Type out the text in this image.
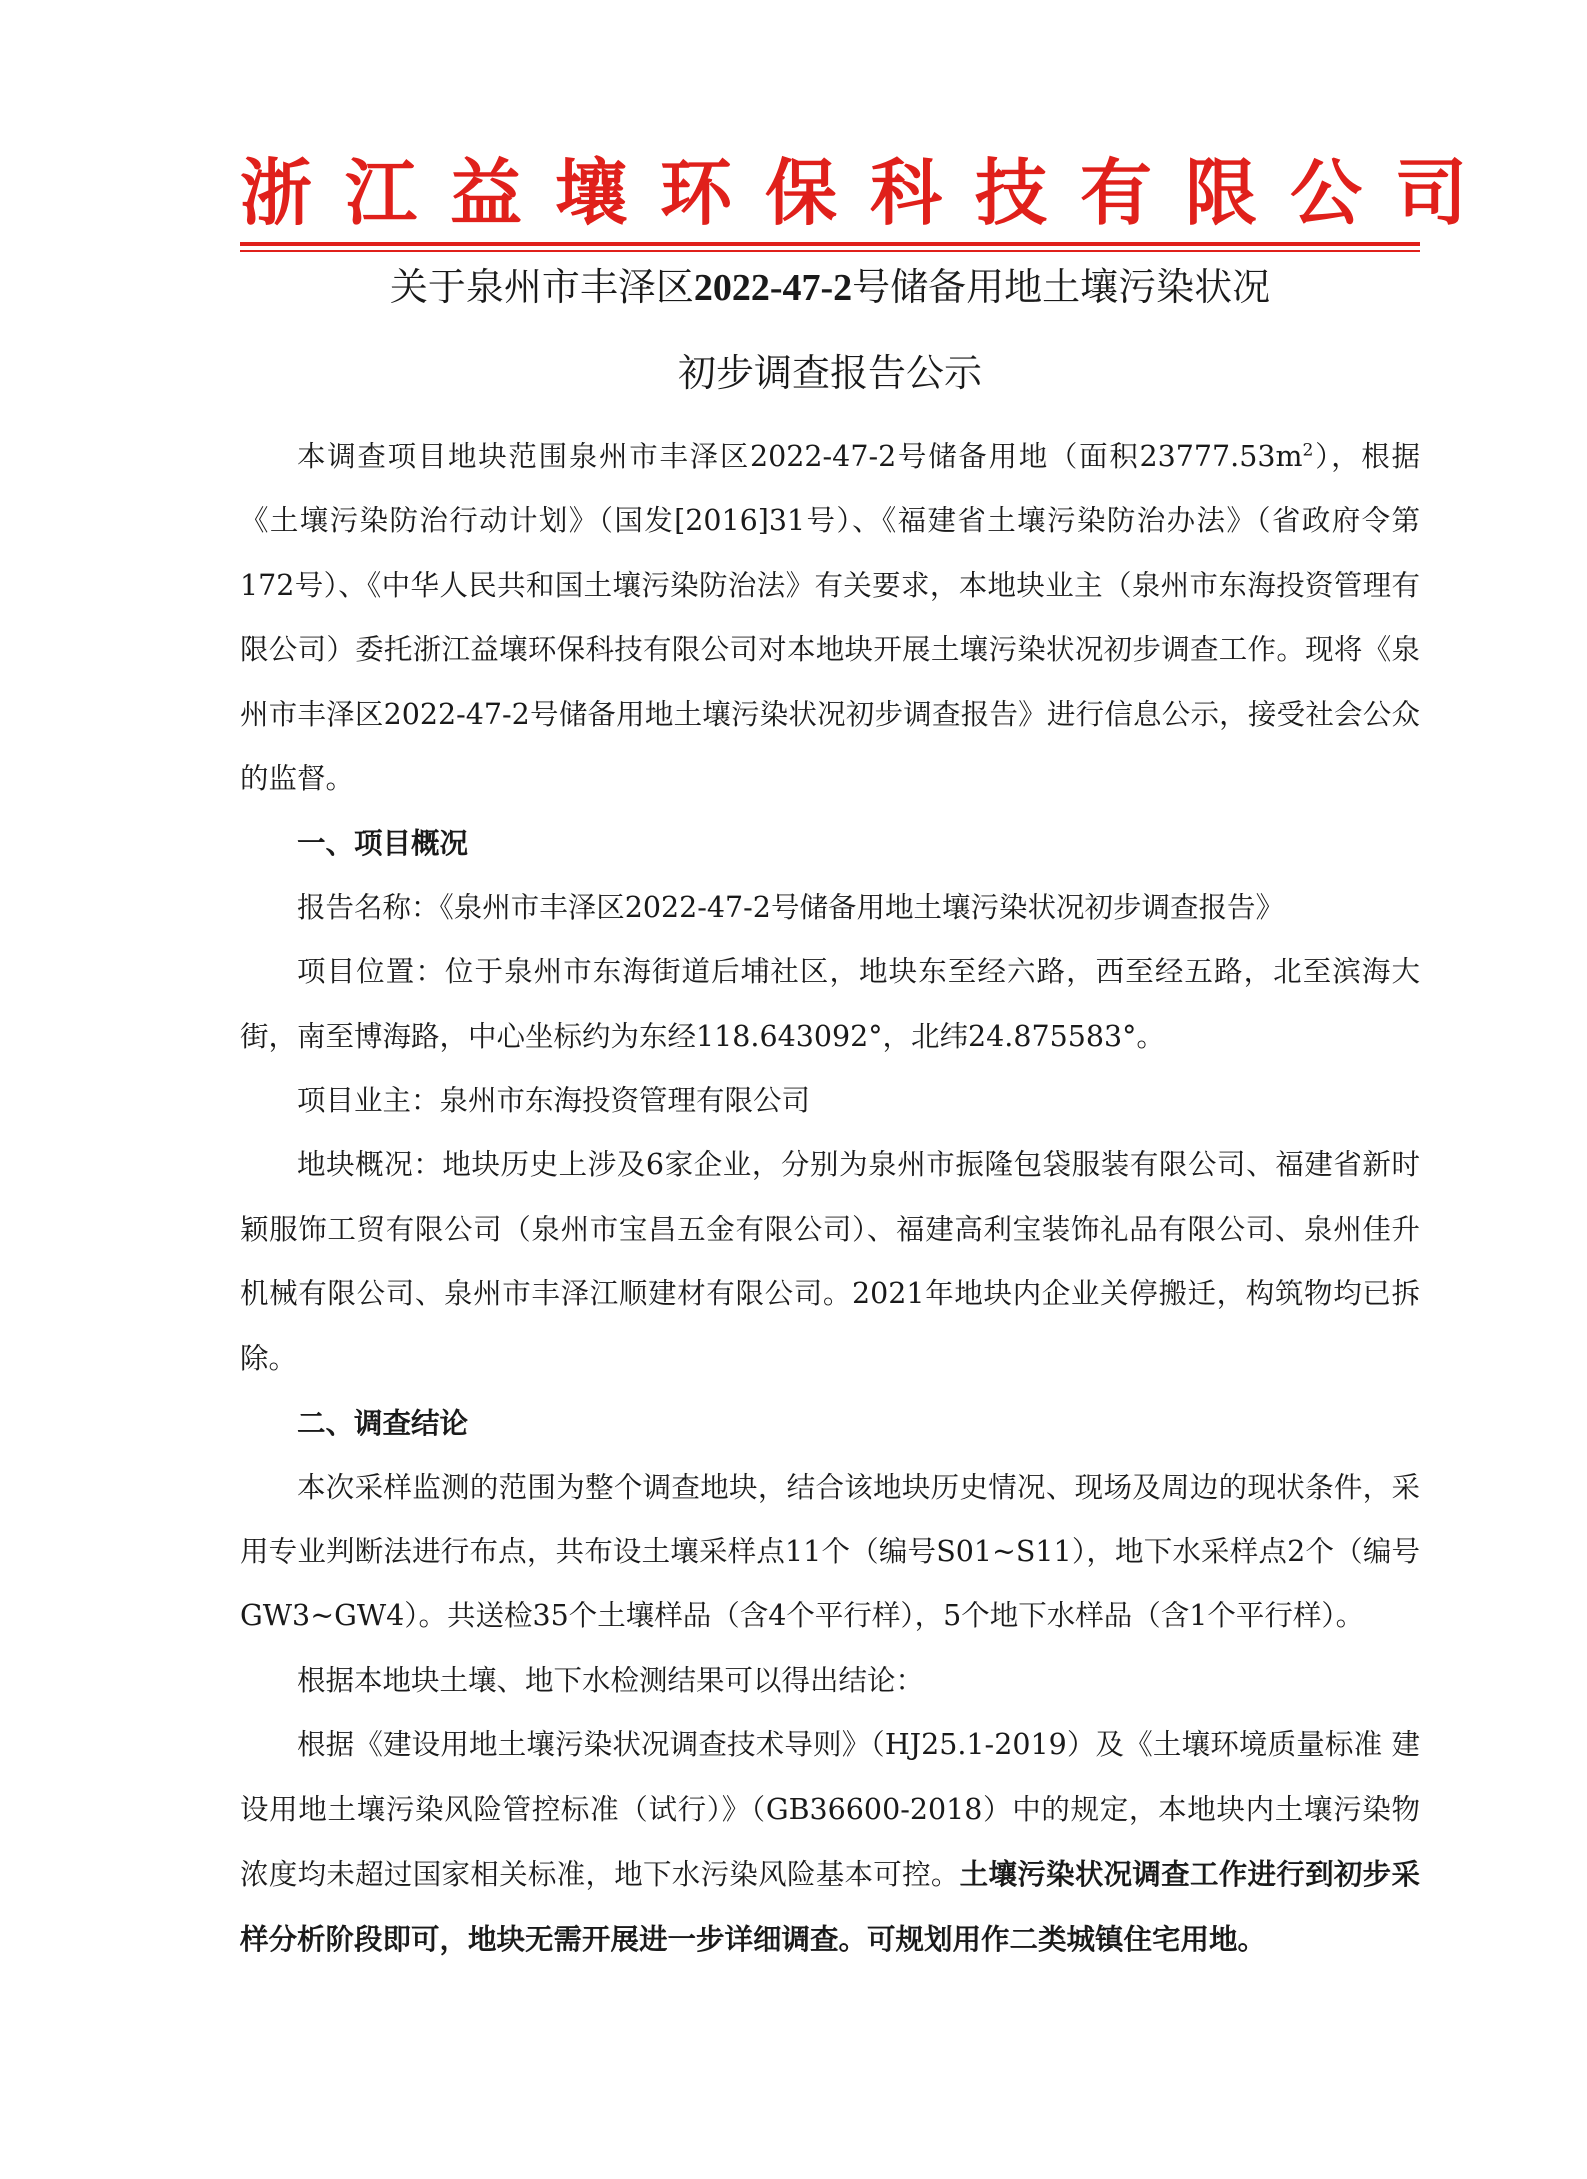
浙江益壤环保科技有限公司
关于泉州市丰泽区2022-47-2号储备用地土壤污染状况
初步调查报告公示

本调查项目地块范围泉州市丰泽区2022-47-2号储备用地（面积$23777.53m^2$），根据《土壤污染防治行动计划》（国发[2016]31号）、《福建省土壤污染防治办法》（省政府令第172号）、《中华人民共和国土壤污染防治法》有关要求，本地块业主（泉州市东海投资管理有限公司）委托浙江益壤环保科技有限公司对本地块开展土壤污染状况初步调查工作。现将《泉州市丰泽区2022-47-2号储备用地土壤污染状况初步调查报告》进行信息公示，接受社会公众的监督。

一、项目概况

报告名称：《泉州市丰泽区2022-47-2号储备用地土壤污染状况初步调查报告》

项目位置：位于泉州市东海街道后埔社区，地块东至经六路，西至经五路，北至滨海大街，南至博海路，中心坐标约为东经118.643092°，北纬24.875583°。

项目业主：泉州市东海投资管理有限公司

地块概况：地块历史上涉及6家企业，分别为泉州市振隆包袋服装有限公司、福建省新时颖服饰工贸有限公司（泉州市宝昌五金有限公司）、福建高利宝装饰礼品有限公司、泉州佳升机械有限公司、泉州市丰泽江顺建材有限公司。2021年地块内企业关停搬迁，构筑物均已拆除。

二、调查结论

本次采样监测的范围为整个调查地块，结合该地块历史情况、现场及周边的现状条件，采用专业判断法进行布点，共布设土壤采样点11个（编号S01~S11），地下水采样点2个（编号GW3~GW4）。共送检35个土壤样品（含4个平行样），5个地下水样品（含1个平行样）。

根据本地块土壤、地下水检测结果可以得出结论：

根据《建设用地土壤污染状况调查技术导则》（HJ25.1-2019）及《土壤环境质量标准 建设用地土壤污染风险管控标准（试行）》（GB36600-2018）中的规定，本地块内土壤污染物浓度均未超过国家相关标准，地下水污染风险基本可控。土壤污染状况调查工作进行到初步采样分析阶段即可，地块无需开展进一步详细调查。可规划用作二类城镇住宅用地。
